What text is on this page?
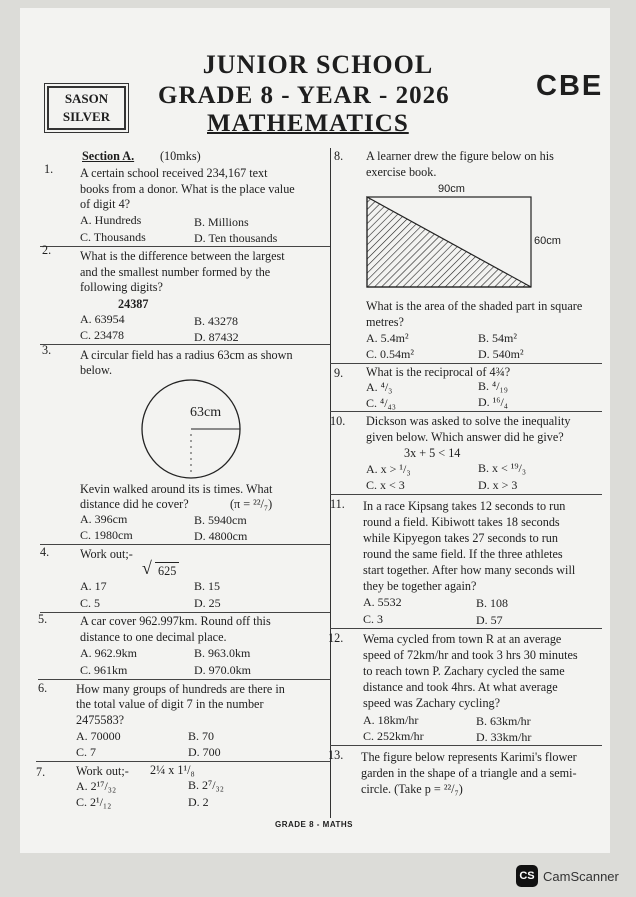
JUNIOR SCHOOL
GRADE 8 - YEAR - 2026	CBE
MATHEMATICS
SASON
SILVER
Section A. (10mks)
1. A certain school received 234,167 text
books from a donor. What is the place value
of digit 4?
A. Hundreds	B. Millions
C. Thousands	D. Ten thousands
2. What is the difference between the largest
and the smallest number formed by the
following digits?
24387
A. 63954	B. 43278
C. 23478	D. 87432
3. A circular field has a radius 63cm as shown
below.
63cm
Kevin walked around its is times. What
distance did he cover?	(π = ²²/₇)
A. 396cm	B. 5940cm
C. 1980cm	D. 4800cm
4.	Work out;-
√ 625
A. 17	B. 15
C. 5	D. 25
5.	A car cover 962.997km. Round off this
distance to one decimal place.
A. 962.9km	B. 963.0km
C. 961km	D. 970.0km
6. How many groups of hundreds are there in
the total value of digit 7 in the number
2475583?
A. 70000	B. 70
C. 7	D. 700
7.	Work out;- 2¼ x 1¹/₈
A. 2¹⁷/₃₂	B. 2⁷/₃₂
C. 2¹/₁₂	D. 2
8. A learner drew the figure below on his
exercise book.
90cm
60cm
What is the area of the shaded part in square
metres?
A. 5.4m²	B. 54m²
C. 0.54m²	D. 540m²
9. What is the reciprocal of 4¾?
A. ⁴/₃	B. ⁴/₁₉
C. ⁴/₄₃	D. ¹⁶/₄
10. Dickson was asked to solve the inequality
given below. Which answer did he give?
3x + 5 < 14
A. x > ¹/₃	B. x < ¹⁹/₃
C. x < 3	D. x > 3
11. In a race Kipsang takes 12 seconds to run
round a field. Kibiwott takes 18 seconds
while Kipyegon takes 27 seconds to run
round the same field. If the three athletes
start together. After how many seconds will
they be together again?
A. 5532	B. 108
C. 3	D. 57
12. Wema cycled from town R at an average
speed of 72km/hr and took 3 hrs 30 minutes
to reach town P. Zachary cycled the same
distance and took 4hrs. At what average
speed was Zachary cycling?
A. 18km/hr	B. 63km/hr
C. 252km/hr	D. 33km/hr
13. The figure below represents Karimi's flower
garden in the shape of a triangle and a semi-
circle. (Take p = ²²/₇)
GRADE 8 - MATHS
CS CamScanner
